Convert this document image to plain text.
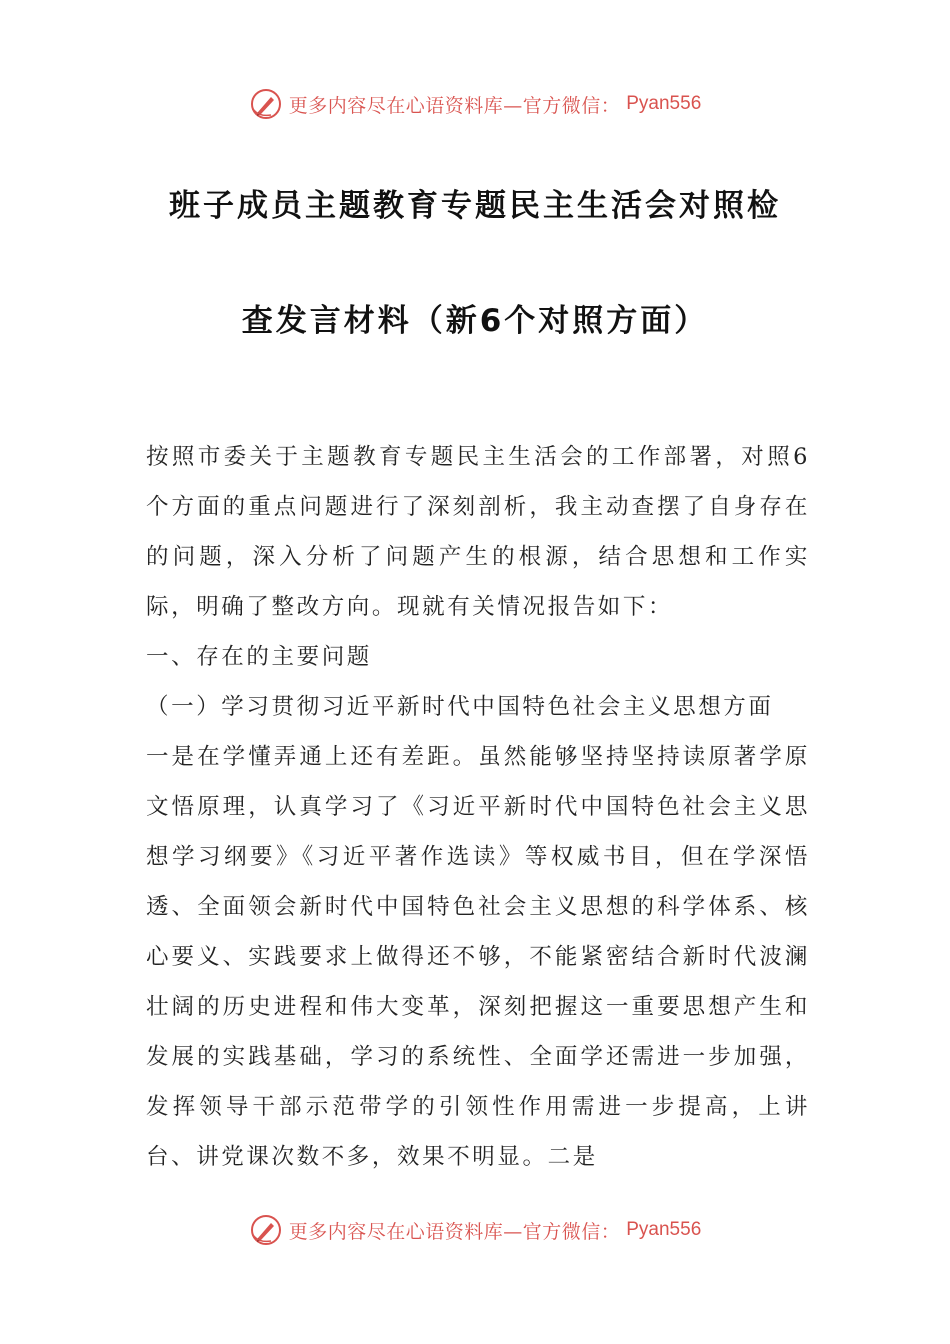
更多内容尽在心语资料库—官方微信： Pyan556
班子成员主题教育专题民主生活会对照检
查发言材料（新6个对照方面）

按照市委关于主题教育专题民主生活会的工作部署，对照6个方面的重点问题进行了深刻剖析，我主动查摆了自身存在的问题，深入分析了问题产生的根源，结合思想和工作实际，明确了整改方向。现就有关情况报告如下：

一、存在的主要问题

（一）学习贯彻习近平新时代中国特色社会主义思想方面

一是在学懂弄通上还有差距。虽然能够坚持坚持读原著学原文悟原理，认真学习了《习近平新时代中国特色社会主义思想学习纲要》《习近平著作选读》等权威书目，但在学深悟透、全面领会新时代中国特色社会主义思想的科学体系、核心要义、实践要求上做得还不够，不能紧密结合新时代波澜壮阔的历史进程和伟大变革，深刻把握这一重要思想产生和发展的实践基础，学习的系统性、全面学还需进一步加强，发挥领导干部示范带学的引领性作用需进一步提高，上讲台、讲党课次数不多，效果不明显。二是

更多内容尽在心语资料库—官方微信： Pyan556
